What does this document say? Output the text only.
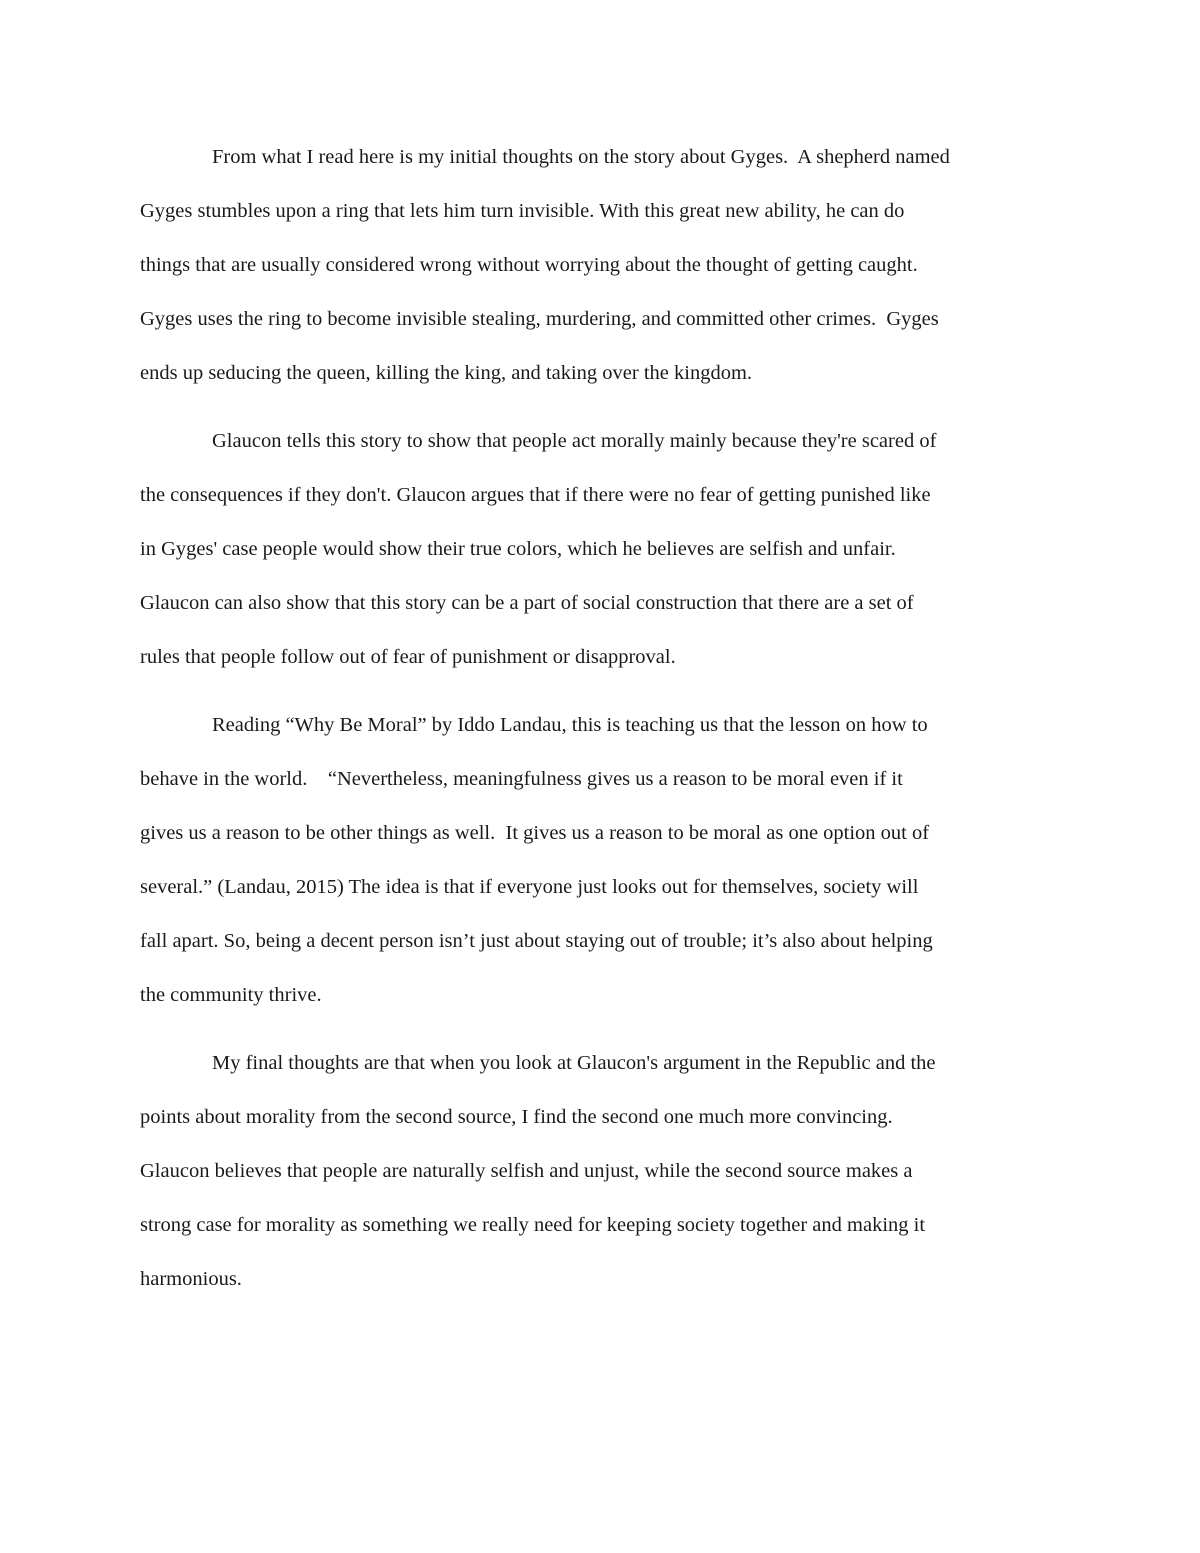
From what I read here is my initial thoughts on the story about Gyges.  A shepherd named
Gyges stumbles upon a ring that lets him turn invisible. With this great new ability, he can do
things that are usually considered wrong without worrying about the thought of getting caught.
Gyges uses the ring to become invisible stealing, murdering, and committed other crimes.  Gyges
ends up seducing the queen, killing the king, and taking over the kingdom.

Glaucon tells this story to show that people act morally mainly because they're scared of
the consequences if they don't. Glaucon argues that if there were no fear of getting punished like
in Gyges' case people would show their true colors, which he believes are selfish and unfair.
Glaucon can also show that this story can be a part of social construction that there are a set of
rules that people follow out of fear of punishment or disapproval.

Reading “Why Be Moral” by Iddo Landau, this is teaching us that the lesson on how to
behave in the world.    “Nevertheless, meaningfulness gives us a reason to be moral even if it
gives us a reason to be other things as well.  It gives us a reason to be moral as one option out of
several.” (Landau, 2015) The idea is that if everyone just looks out for themselves, society will
fall apart. So, being a decent person isn’t just about staying out of trouble; it’s also about helping
the community thrive.

My final thoughts are that when you look at Glaucon's argument in the Republic and the
points about morality from the second source, I find the second one much more convincing.
Glaucon believes that people are naturally selfish and unjust, while the second source makes a
strong case for morality as something we really need for keeping society together and making it
harmonious.
